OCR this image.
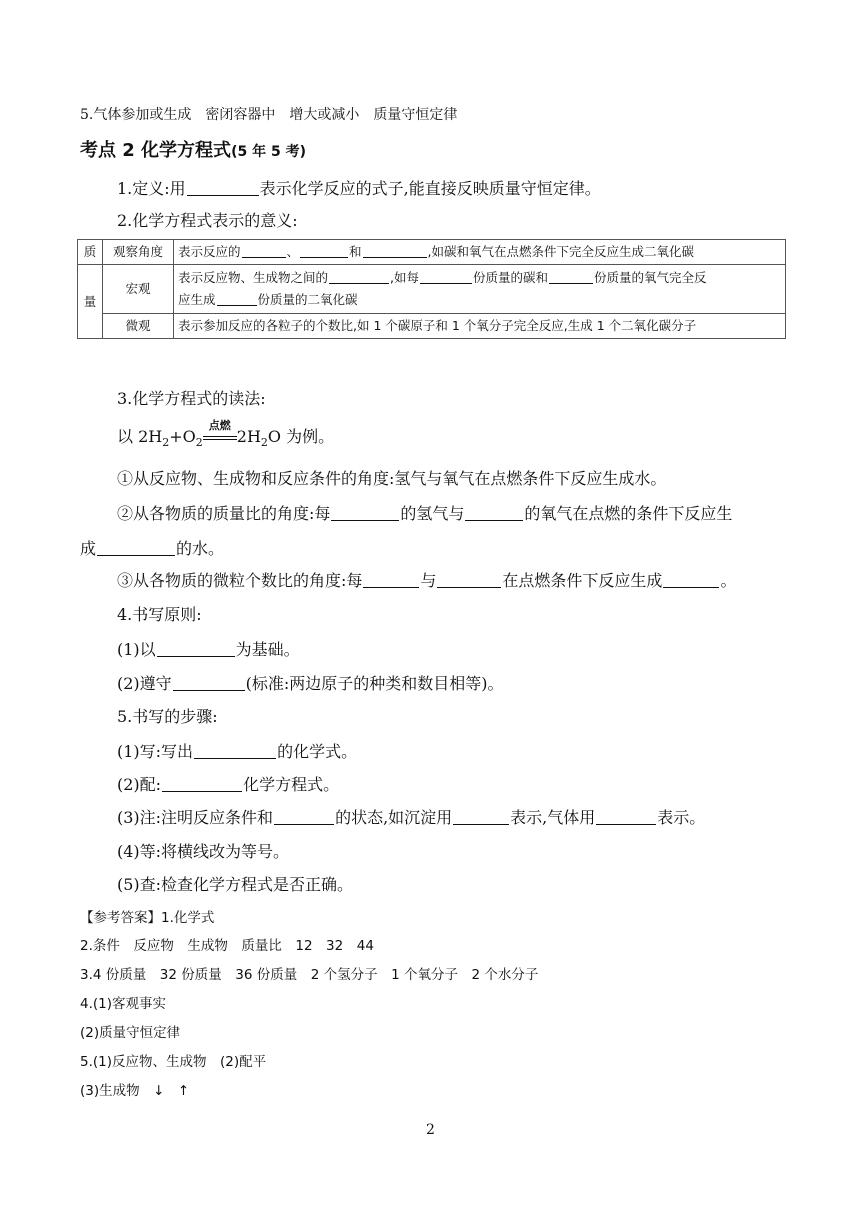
5.气体参加或生成　密闭容器中　增大或减小　质量守恒定律
考点 2 化学方程式(5 年 5 考)
1.定义:用	表示化学反应的式子,能直接反映质量守恒定律。
2.化学方程式表示的意义:
质	观察角度	表示反应的 、 和 ,如碳和氧气在点燃条件下完全反应生成二氧化碳
量	宏观	表示反应物、生成物之间的 ,如每 份质量的碳和 份质量的氧气完全反
应生成 份质量的二氧化碳
	微观	表示参加反应的各粒子的个数比,如 1 个碳原子和 1 个氧分子完全反应,生成 1 个二氧化碳分子
3.化学方程式的读法:
以 $2H_2+O_2$
点燃
$2H_2O$ 为例。
①从反应物、生成物和反应条件的角度:氢气与氧气在点燃条件下反应生成水。
②从各物质的质量比的角度:每	的氢气与	的氧气在点燃的条件下反应生
成	的水。
③从各物质的微粒个数比的角度:每	与	在点燃条件下反应生成	。
4.书写原则:
(1)以	为基础。
(2)遵守	(标准:两边原子的种类和数目相等)。
5.书写的步骤:
(1)写:写出	的化学式。
(2)配:	化学方程式。
(3)注:注明反应条件和	的状态,如沉淀用	表示,气体用	表示。
(4)等:将横线改为等号。
(5)查:检查化学方程式是否正确。
【参考答案】1.化学式
2.条件　反应物　生成物　质量比　12　32　44
3.4 份质量　32 份质量　36 份质量　2 个氢分子　1 个氧分子　2 个水分子
4.(1)客观事实
(2)质量守恒定律
5.(1)反应物、生成物　(2)配平
(3)生成物　↓　↑
2
